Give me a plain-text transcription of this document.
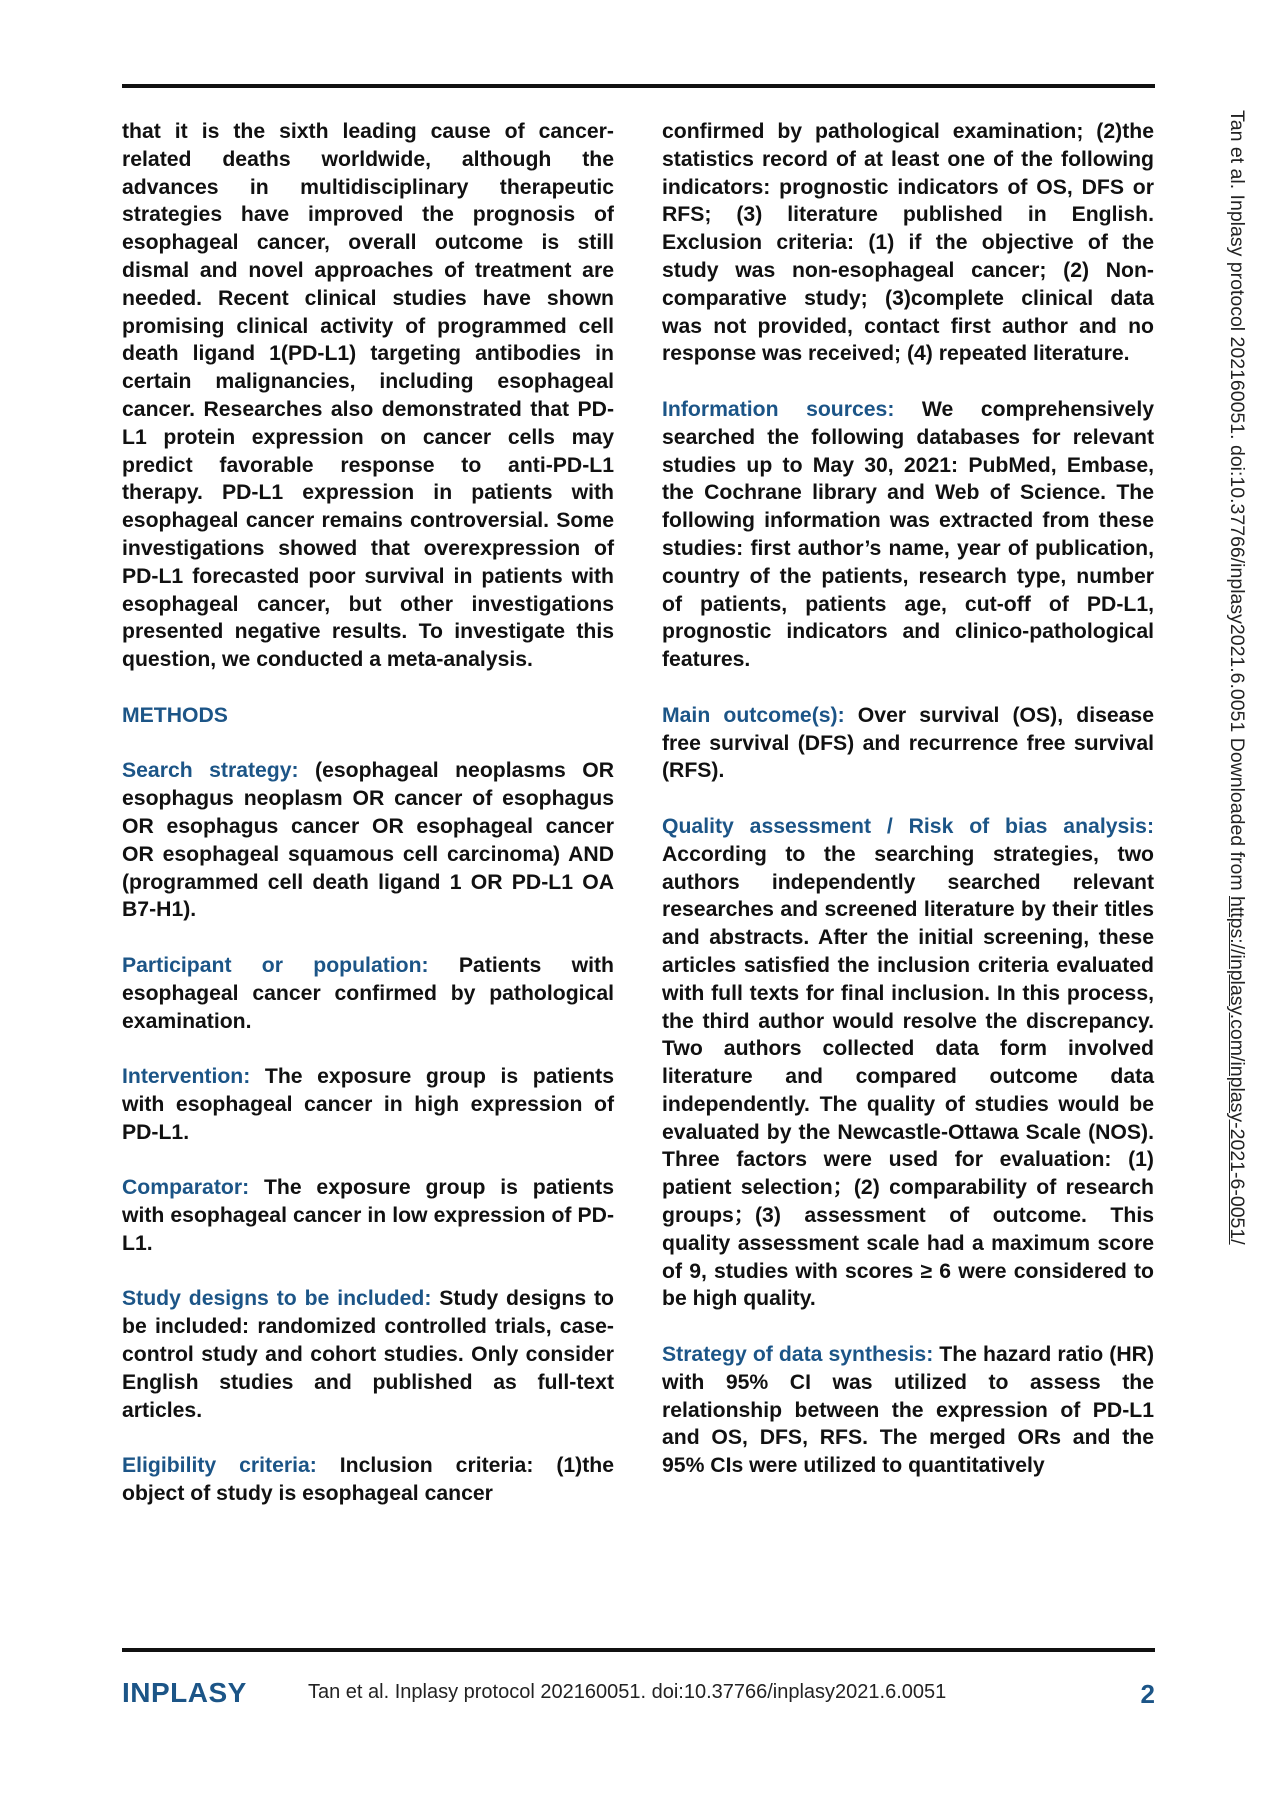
Tan et al. Inplasy protocol 202160051. doi:10.37766/inplasy2021.6.0051 Downloaded from https://inplasy.com/inplasy-2021-6-0051/

that it is the sixth leading cause of cancer-related deaths worldwide, although the advances in multidisciplinary therapeutic strategies have improved the prognosis of esophageal cancer, overall outcome is still dismal and novel approaches of treatment are needed. Recent clinical studies have shown promising clinical activity of programmed cell death ligand 1(PD-L1) targeting antibodies in certain malignancies, including esophageal cancer. Researches also demonstrated that PD-L1 protein expression on cancer cells may predict favorable response to anti-PD-L1 therapy. PD-L1 expression in patients with esophageal cancer remains controversial. Some investigations showed that overexpression of PD-L1 forecasted poor survival in patients with esophageal cancer, but other investigations presented negative results. To investigate this question, we conducted a meta-analysis.

METHODS

Search strategy: (esophageal neoplasms OR esophagus neoplasm OR cancer of esophagus OR esophagus cancer OR esophageal cancer OR esophageal squamous cell carcinoma) AND (programmed cell death ligand 1 OR PD-L1 OA B7-H1).

Participant or population: Patients with esophageal cancer confirmed by pathological examination.

Intervention: The exposure group is patients with esophageal cancer in high expression of PD-L1.

Comparator: The exposure group is patients with esophageal cancer in low expression of PD-L1.

Study designs to be included: Study designs to be included: randomized controlled trials, case-control study and cohort studies. Only consider English studies and published as full-text articles.

Eligibility criteria: Inclusion criteria: (1)the object of study is esophageal cancer

confirmed by pathological examination; (2)the statistics record of at least one of the following indicators: prognostic indicators of OS, DFS or RFS; (3) literature published in English. Exclusion criteria: (1) if the objective of the study was non-esophageal cancer; (2) Non-comparative study; (3)complete clinical data was not provided, contact first author and no response was received; (4) repeated literature.

Information sources: We comprehensively searched the following databases for relevant studies up to May 30, 2021: PubMed, Embase, the Cochrane library and Web of Science. The following information was extracted from these studies: first author’s name, year of publication, country of the patients, research type, number of patients, patients age, cut-off of PD-L1, prognostic indicators and clinico-pathological features.

Main outcome(s): Over survival (OS), disease free survival (DFS) and recurrence free survival (RFS).

Quality assessment / Risk of bias analysis: According to the searching strategies, two authors independently searched relevant researches and screened literature by their titles and abstracts. After the initial screening, these articles satisfied the inclusion criteria evaluated with full texts for final inclusion. In this process, the third author would resolve the discrepancy. Two authors collected data form involved literature and compared outcome data independently. The quality of studies would be evaluated by the Newcastle-Ottawa Scale (NOS). Three factors were used for evaluation: (1) patient selection；(2) comparability of research groups；(3) assessment of outcome. This quality assessment scale had a maximum score of 9, studies with scores ≥ 6 were considered to be high quality.

Strategy of data synthesis: The hazard ratio (HR) with 95% CI was utilized to assess the relationship between the expression of PD-L1 and OS, DFS, RFS. The merged ORs and the 95% CIs were utilized to quantitatively

INPLASY	Tan et al. Inplasy protocol 202160051. doi:10.37766/inplasy2021.6.0051	2
